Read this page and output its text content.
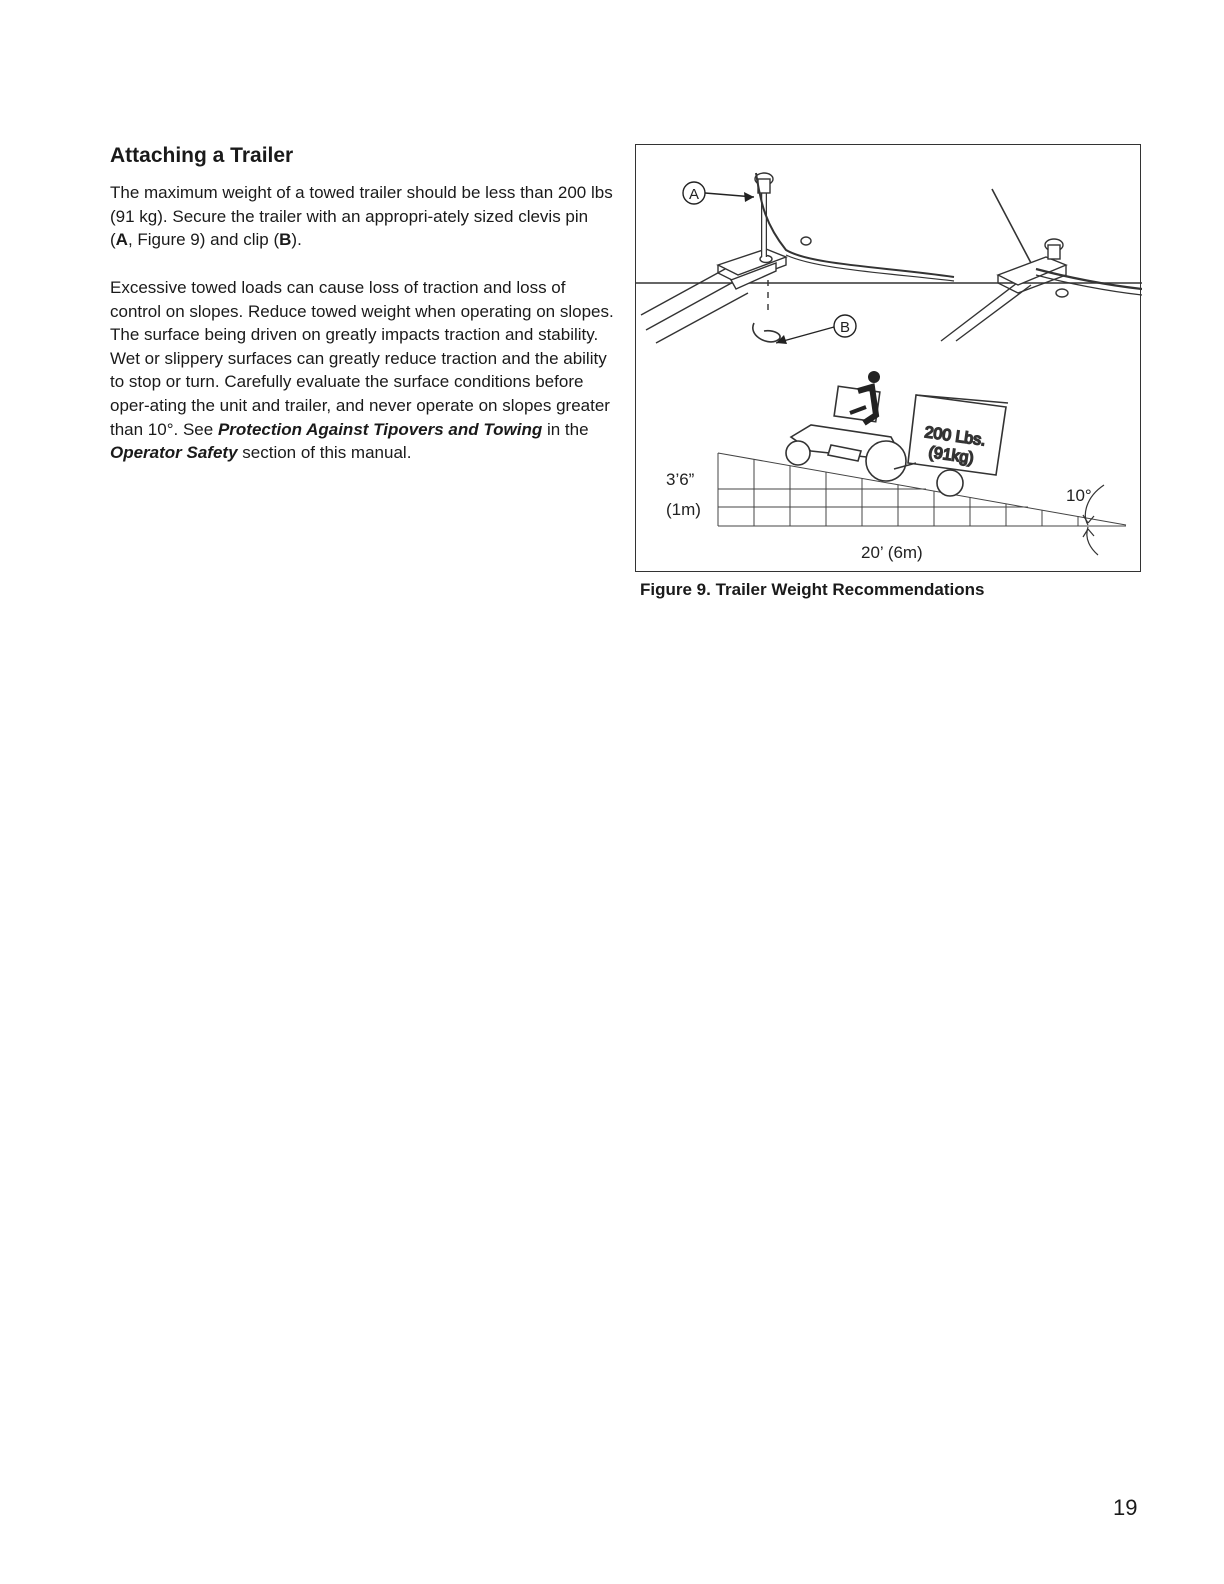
Attaching a Trailer

The maximum weight of a towed trailer should be less than 200 lbs (91 kg). Secure the trailer with an appropri-ately sized clevis pin (A, Figure 9) and clip (B).

Excessive towed loads can cause loss of traction and loss of control on slopes. Reduce towed weight when operating on slopes. The surface being driven on greatly impacts traction and stability. Wet or slippery surfaces can greatly reduce traction and the ability to stop or turn. Carefully evaluate the surface conditions before oper-ating the unit and trailer, and never operate on slopes greater than 10°. See Protection Against Tipovers and Towing in the Operator Safety section of this manual.

A
B
200 Lbs.
(91kg)
3’6”
(1m)
20’ (6m)
10°

Figure 9. Trailer Weight Recommendations

19
